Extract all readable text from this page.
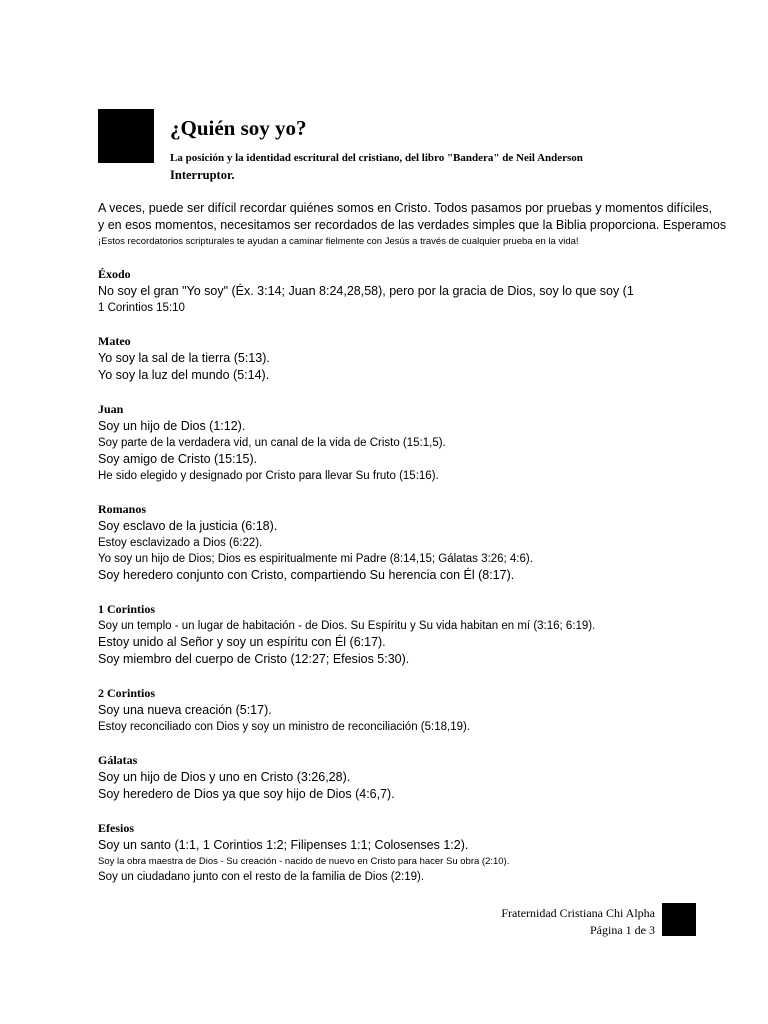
¿Quién soy yo?

La posición y la identidad escritural del cristiano, del libro "Bandera" de Neil Anderson

Interruptor.

A veces, puede ser difícil recordar quiénes somos en Cristo. Todos pasamos por pruebas y momentos difíciles,

y en esos momentos, necesitamos ser recordados de las verdades simples que la Biblia proporciona. Esperamos

¡Estos recordatorios scripturales te ayudan a caminar fielmente con Jesús a través de cualquier prueba en la vida!

Éxodo

No soy el gran "Yo soy" (Éx. 3:14; Juan 8:24,28,58), pero por la gracia de Dios, soy lo que soy (1

1 Corintios 15:10

Mateo

Yo soy la sal de la tierra (5:13).

Yo soy la luz del mundo (5:14).

Juan

Soy un hijo de Dios (1:12).

Soy parte de la verdadera vid, un canal de la vida de Cristo (15:1,5).

Soy amigo de Cristo (15:15).

He sido elegido y designado por Cristo para llevar Su fruto (15:16).

Romanos

Soy esclavo de la justicia (6:18).

Estoy esclavizado a Dios (6:22).

Yo soy un hijo de Dios; Dios es espiritualmente mi Padre (8:14,15; Gálatas 3:26; 4:6).

Soy heredero conjunto con Cristo, compartiendo Su herencia con Él (8:17).

1 Corintios

Soy un templo - un lugar de habitación - de Dios. Su Espíritu y Su vida habitan en mí (3:16; 6:19).

Estoy unido al Señor y soy un espíritu con Él (6:17).

Soy miembro del cuerpo de Cristo (12:27; Efesios 5:30).

2 Corintios

Soy una nueva creación (5:17).

Estoy reconciliado con Dios y soy un ministro de reconciliación (5:18,19).

Gálatas

Soy un hijo de Dios y uno en Cristo (3:26,28).

Soy heredero de Dios ya que soy hijo de Dios (4:6,7).

Efesios

Soy un santo (1:1, 1 Corintios 1:2; Filipenses 1:1; Colosenses 1:2).

Soy la obra maestra de Dios - Su creación - nacido de nuevo en Cristo para hacer Su obra (2:10).

Soy un ciudadano junto con el resto de la familia de Dios (2:19).

Fraternidad Cristiana Chi Alpha
Página 1 de 3
